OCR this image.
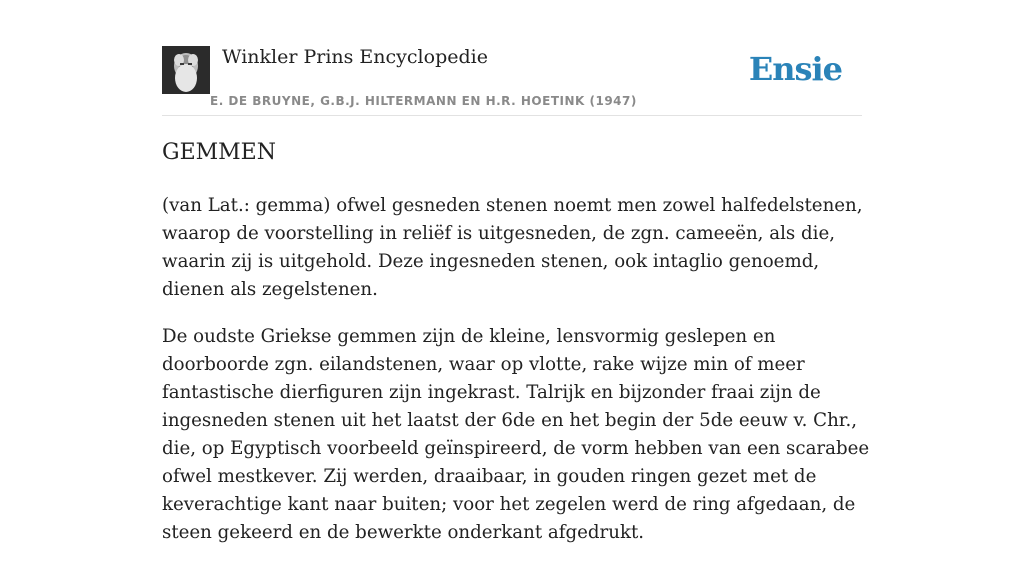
Winkler Prins Encyclopedie
E. DE BRUYNE, G.B.J. HILTERMANN EN H.R. HOETINK (1947)
Ensie
GEMMEN

(van Lat.: gemma) ofwel gesneden stenen noemt men zowel halfedelstenen, waarop de voorstelling in reliëf is uitgesneden, de zgn. cameeën, als die, waarin zij is uitgehold. Deze ingesneden stenen, ook intaglio genoemd, dienen als zegelstenen.

De oudste Griekse gemmen zijn de kleine, lensvormig geslepen en doorboorde zgn. eilandstenen, waar op vlotte, rake wijze min of meer fantastische dierfiguren zijn ingekrast. Talrijk en bijzonder fraai zijn de ingesneden stenen uit het laatst der 6de en het begin der 5de eeuw v. Chr., die, op Egyptisch voorbeeld geïnspireerd, de vorm hebben van een scarabee ofwel mestkever. Zij werden, draaibaar, in gouden ringen gezet met de keverachtige kant naar buiten; voor het zegelen werd de ring afgedaan, de steen gekeerd en de bewerkte onderkant afgedrukt.
